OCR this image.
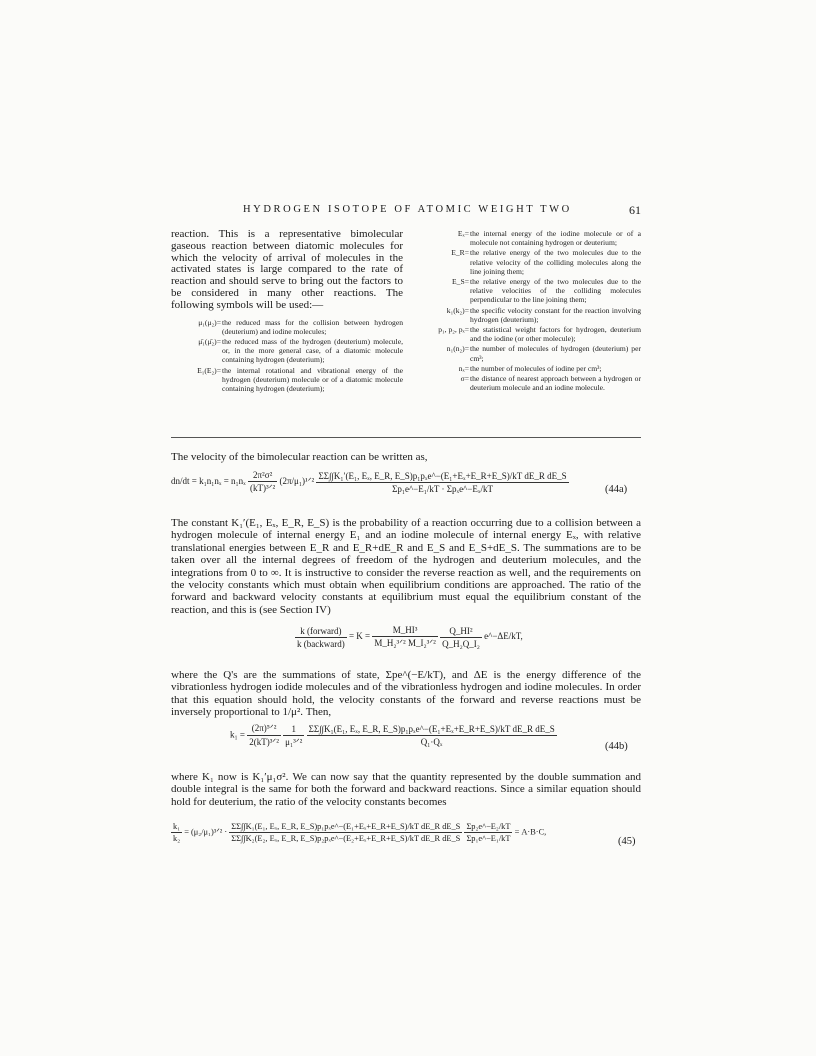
HYDROGEN ISOTOPE OF ATOMIC WEIGHT TWO	61

reaction. This is a representative bimolecular gaseous reaction between diatomic molecules for which the velocity of arrival of molecules in the activated states is large compared to the rate of reaction and should serve to bring out the factors to be considered in many other reactions. The following symbols will be used:—

μ₁(μ₂)= the reduced mass for the collision between hydrogen (deuterium) and iodine molecules;
μ̄₁(μ̄₂)= the reduced mass of the hydrogen (deuterium) molecule, or, in the more general case, of a diatomic molecule containing hydrogen (deuterium);
E₁(E₂)= the internal rotational and vibrational energy of the hydrogen (deuterium) molecule or of a diatomic molecule containing hydrogen (deuterium);
Eₓ= the internal energy of the iodine molecule or of a molecule not containing hydrogen or deuterium;
E_R= the relative energy of the two molecules due to the relative velocity of the colliding molecules along the line joining them;
E_S= the relative energy of the two molecules due to the relative velocities of the colliding molecules perpendicular to the line joining them;
k₁(k₂)= the specific velocity constant for the reaction involving hydrogen (deuterium);
p₁, p₂, pₓ= the statistical weight factors for hydrogen, deuterium and the iodine (or other molecule);
n₁(n₂)= the number of molecules of hydrogen (deuterium) per cm³;
nₓ= the number of molecules of iodine per cm³;
σ= the distance of nearest approach between a hydrogen or deuterium molecule and an iodine molecule.

The velocity of the bimolecular reaction can be written as,

$dn/dt = k_1n_1n_x = n_1n_x \frac{\text{2π²σ²}}{\text{(kT)³ᐟ²}}$ (2π/μ₁)¹ᐟ² $\frac{\text{ΣΣ∫∫K₁′(E₁, Eₓ, E\_R, E\_S)p₁pₓe\textasciicircum{}−(E₁+Eₓ+E\_R+E\_S)/kT dE\_R dE\_S}}{\text{Σp₁e\textasciicircum{}−E₁/kT · Σpₓe\textasciicircum{}−Eₓ/kT}}$	(44a)

The constant K₁′(E₁, Eₓ, E_R, E_S) is the probability of a reaction occurring due to a collision between a hydrogen molecule of internal energy E₁ and an iodine molecule of internal energy Eₓ, with relative translational energies between E_R and E_R+dE_R and E_S and E_S+dE_S. The summations are to be taken over all the internal degrees of freedom of the hydrogen and deuterium molecules, and the integrations from 0 to ∞. It is instructive to consider the reverse reaction as well, and the requirements on the velocity constants which must obtain when equilibrium conditions are approached. The ratio of the forward and backward velocity constants at equilibrium must equal the equilibrium constant of the reaction, and this is (see Section IV)

$\frac{\text{k (forward)}}{\text{k (backward)}} = K = \frac{\text{M\_HI³}}{\text{M\_H₂³ᐟ² M\_I₂³ᐟ²}}$
$\frac{\text{Q\_HI²}}{\text{Q\_H₂Q\_I₂}}$ e^−ΔE/kT,

where the Q's are the summations of state, Σpe^(−E/kT), and ΔE is the energy difference of the vibrationless hydrogen iodide molecules and of the vibrationless hydrogen and iodine molecules. In order that this equation should hold, the velocity constants of the forward and reverse reactions must be inversely proportional to 1/μ². Then,

$k_1 = \frac{\text{(2π)⁵ᐟ²}}{\text{2(kT)³ᐟ²}}$
$\frac{1}{\text{μ₁³ᐟ²}}$
$\frac{\text{ΣΣ∫∫K₁(E₁, Eₓ, E\_R, E\_S)p₁pₓe\textasciicircum{}−(E₁+Eₓ+E\_R+E\_S)/kT dE\_R dE\_S}}{\text{Q₁·Qₓ}}$	(44b)

where K₁ now is K₁′μ₁σ². We can now say that the quantity represented by the double summation and double integral is the same for both the forward and backward reactions. Since a similar equation should hold for deuterium, the ratio of the velocity constants becomes

$\frac{\text{k₁}}{\text{k₂}}$ = (μ₂/μ₁)³ᐟ² · $\frac{\text{ΣΣ∫∫K₁(E₁, Eₓ, E\_R, E\_S)p₁pₓe\textasciicircum{}−(E₁+Eₓ+E\_R+E\_S)/kT dE\_R dE\_S}}{\text{ΣΣ∫∫K₂(E₂, Eₓ, E\_R, E\_S)p₂pₓe\textasciicircum{}−(E₂+Eₓ+E\_R+E\_S)/kT dE\_R dE\_S}}$
$\frac{\text{Σp₂e\textasciicircum{}−E₂/kT}}{\text{Σp₁e\textasciicircum{}−E₁/kT}} = A\cdot B\cdot C$,
(45)
